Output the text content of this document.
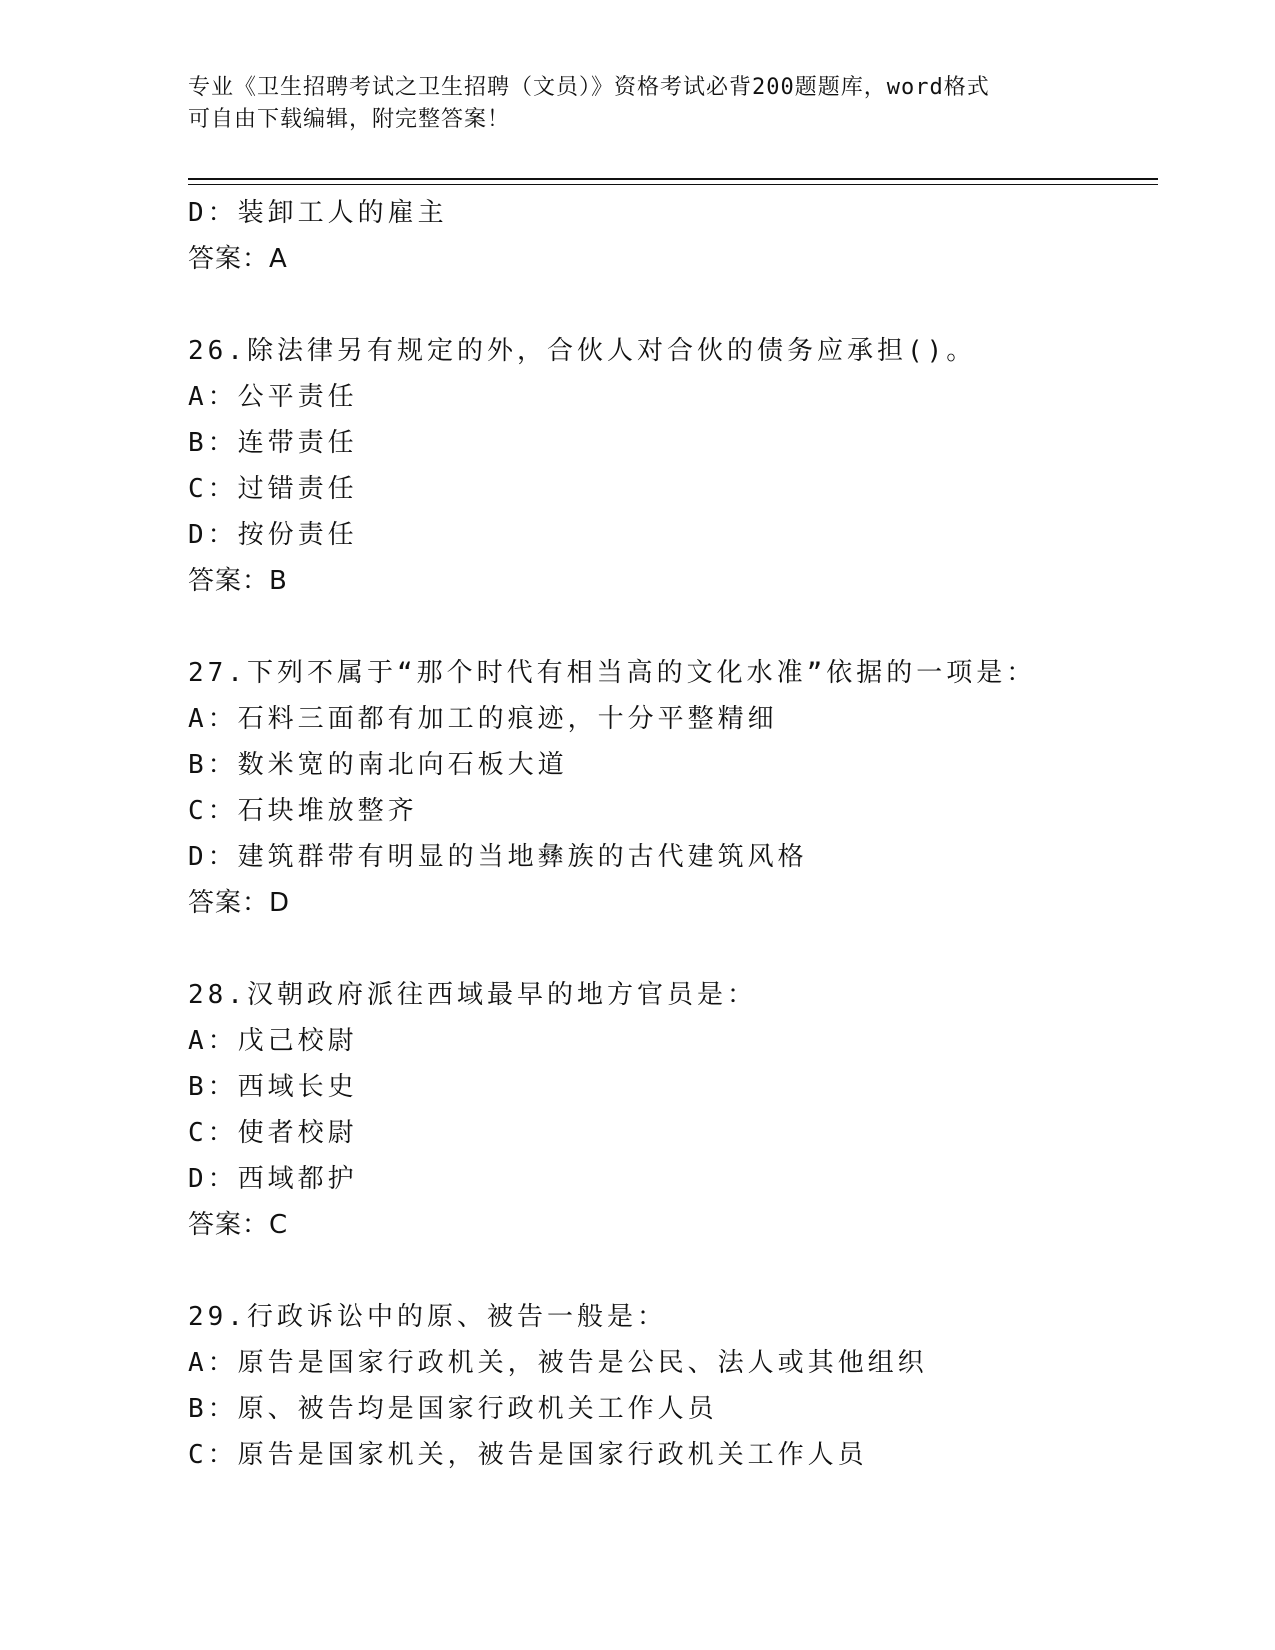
专业《卫生招聘考试之卫生招聘（文员）》资格考试必背200题题库，word格式
可自由下载编辑，附完整答案！
D：装卸工人的雇主
答案：A
26.除法律另有规定的外，合伙人对合伙的债务应承担()。
A：公平责任
B：连带责任
C：过错责任
D：按份责任
答案：B
27.下列不属于“那个时代有相当高的文化水准”依据的一项是：
A：石料三面都有加工的痕迹，十分平整精细
B：数米宽的南北向石板大道
C：石块堆放整齐
D：建筑群带有明显的当地彝族的古代建筑风格
答案：D
28.汉朝政府派往西域最早的地方官员是：
A：戊己校尉
B：西域长史
C：使者校尉
D：西域都护
答案：C
29.行政诉讼中的原、被告一般是：
A：原告是国家行政机关，被告是公民、法人或其他组织
B：原、被告均是国家行政机关工作人员
C：原告是国家机关，被告是国家行政机关工作人员
